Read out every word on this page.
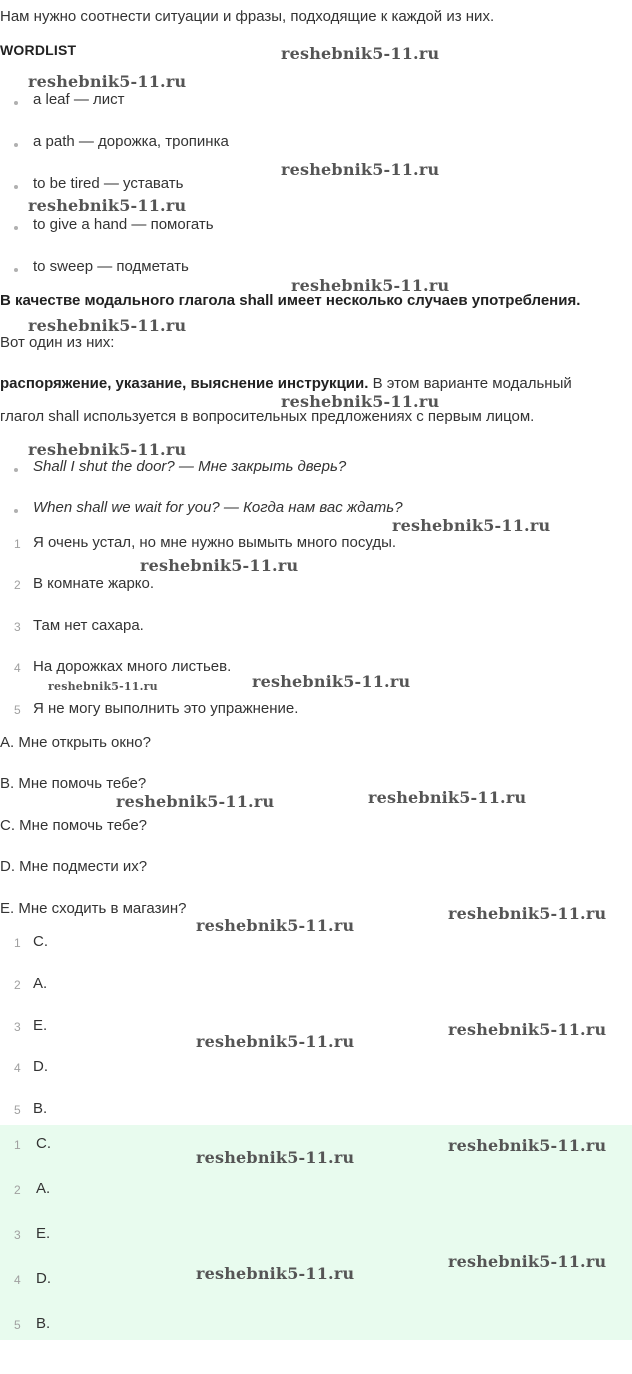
Нам нужно соотнести ситуации и фразы, подходящие к каждой из них.
WORDLIST
a leaf — лист
a path — дорожка, тропинка
to be tired — уставать
to give a hand — помогать
to sweep — подметать
В качестве модального глагола shall имеет несколько случаев употребления.
Вот один из них:
распоряжение, указание, выяснение инструкции. В этом варианте модальный
глагол shall используется в вопросительных предложениях с первым лицом.
Shall I shut the door? — Мне закрыть дверь?
When shall we wait for you? — Когда нам вас ждать?
1 Я очень устал, но мне нужно вымыть много посуды.
2 В комнате жарко.
3 Там нет сахара.
4 На дорожках много листьев.
5 Я не могу выполнить это упражнение.
A. Мне открыть окно?
B. Мне помочь тебе?
C. Мне помочь тебе?
D. Мне подмести их?
E. Мне сходить в магазин?
1 C.
2 A.
3 E.
4 D.
5 B.
1	C.
2	A.
3	E.
4	D.
5	B.
reshebnik5-11.ru
reshebnik5-11.ru
reshebnik5-11.ru
reshebnik5-11.ru
reshebnik5-11.ru
reshebnik5-11.ru
reshebnik5-11.ru
reshebnik5-11.ru
reshebnik5-11.ru
reshebnik5-11.ru
reshebnik5-11.ru	reshebnik5-11.ru
reshebnik5-11.ru	reshebnik5-11.ru
reshebnik5-11.ru
reshebnik5-11.ru
reshebnik5-11.ru
reshebnik5-11.ru
reshebnik5-11.ru
reshebnik5-11.ru
reshebnik5-11.ru
reshebnik5-11.ru
